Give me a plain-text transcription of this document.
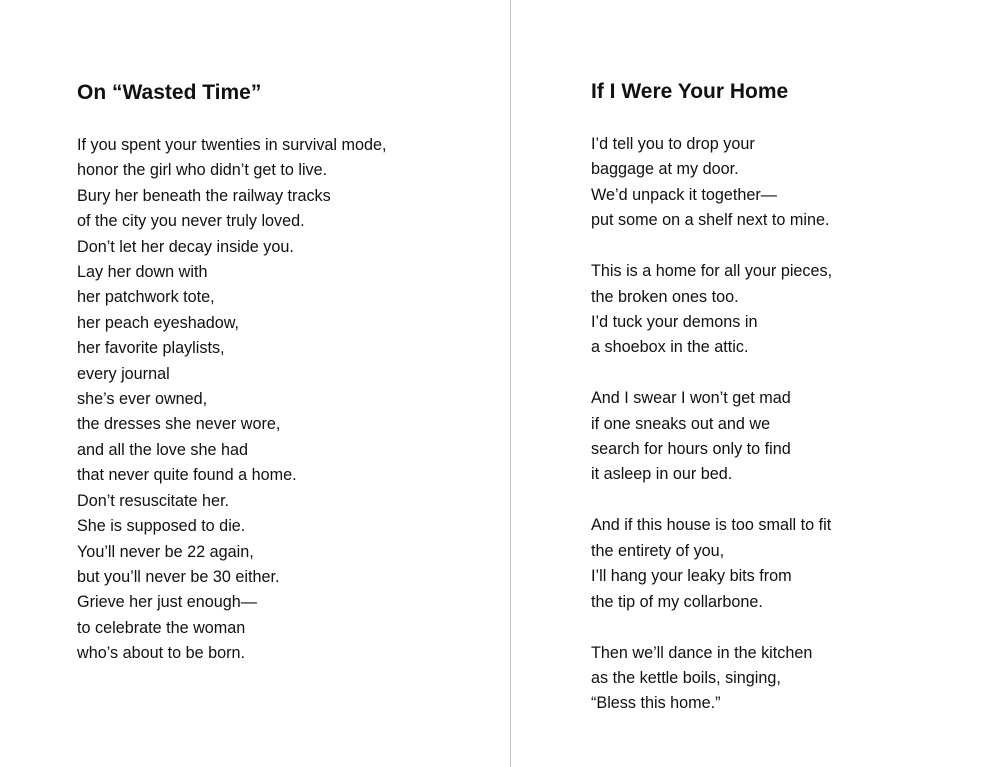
On “Wasted Time”
If you spent your twenties in survival mode,
honor the girl who didn’t get to live.
Bury her beneath the railway tracks
of the city you never truly loved.
Don’t let her decay inside you.
Lay her down with
her patchwork tote,
her peach eyeshadow,
her favorite playlists,
every journal
she’s ever owned,
the dresses she never wore,
and all the love she had
that never quite found a home.
Don’t resuscitate her.
She is supposed to die.
You’ll never be 22 again,
but you’ll never be 30 either.
Grieve her just enough—
to celebrate the woman
who’s about to be born.
If I Were Your Home
I’d tell you to drop your
baggage at my door.
We’d unpack it together—
put some on a shelf next to mine.
This is a home for all your pieces,
the broken ones too.
I’d tuck your demons in
a shoebox in the attic.
And I swear I won’t get mad
if one sneaks out and we
search for hours only to find
it asleep in our bed.
And if this house is too small to fit
the entirety of you,
I’ll hang your leaky bits from
the tip of my collarbone.
Then we’ll dance in the kitchen
as the kettle boils, singing,
“Bless this home.”
